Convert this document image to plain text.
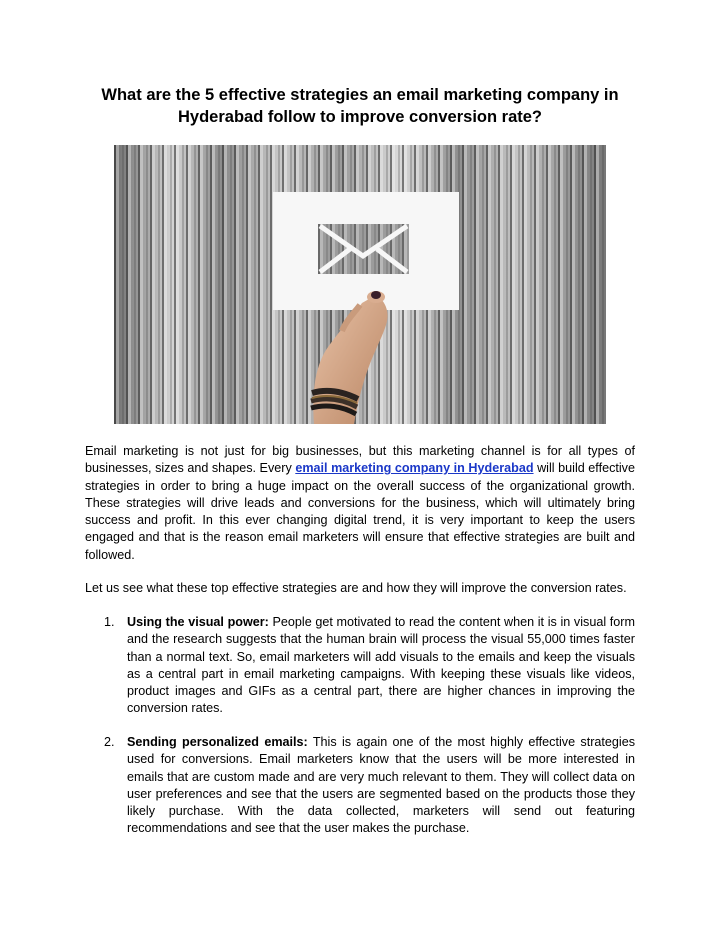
What are the 5 effective strategies an email marketing company in Hyderabad follow to improve conversion rate?

Email marketing is not just for big businesses, but this marketing channel is for all types of businesses, sizes and shapes. Every email marketing company in Hyderabad will build effective strategies in order to bring a huge impact on the overall success of the organizational growth. These strategies will drive leads and conversions for the business, which will ultimately bring success and profit. In this ever changing digital trend, it is very important to keep the users engaged and that is the reason email marketers will ensure that effective strategies are built and followed.

Let us see what these top effective strategies are and how they will improve the conversion rates.

1. Using the visual power: People get motivated to read the content when it is in visual form and the research suggests that the human brain will process the visual 55,000 times faster than a normal text. So, email marketers will add visuals to the emails and keep the visuals as a central part in email marketing campaigns. With keeping these visuals like videos, product images and GIFs as a central part, there are higher chances in improving the conversion rates.
2. Sending personalized emails: This is again one of the most highly effective strategies used for conversions. Email marketers know that the users will be more interested in emails that are custom made and are very much relevant to them. They will collect data on user preferences and see that the users are segmented based on the products those they likely purchase. With the data collected, marketers will send out featuring recommendations and see that the user makes the purchase.
